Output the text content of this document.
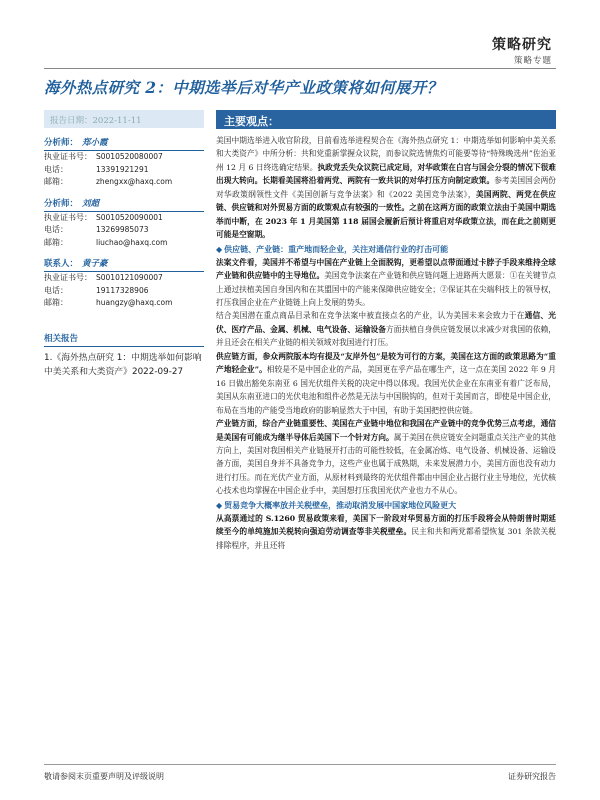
策略研究
策略专题
海外热点研究 2：中期选举后对华产业政策将如何展开？
报告日期：2022-11-11
分析师： 郑小霞
执业证书号： S0010520080007
电话：	13391921291
邮箱：	zhengxx@haxq.com
分析师： 刘超
执业证书号： S0010520090001
电话：	13269985073
邮箱：	liuchao@haxq.com
联系人： 黄子豪
执业证书号： S0010121090007
电话：	19117328906
邮箱：	huangzy@haxq.com
相关报告
1.《海外热点研究 1：中期选举如何影响中美关系和大类资产》2022-09-27
主要观点：
美国中期选举进入收官阶段，目前看选举进程契合在《海外热点研究 1：中期选举如何影响中美关系和大类资产》中所分析：共和党重新掌握众议院，而参议院选情焦灼可能要等待“特殊晚选州”佐治亚州 12 月 6 日终选确定结果。执政党丢失众议院已成定局，对华政策在白宫与国会分裂的情况下很难出现大转向。长期看美国将沿着两党、两院有一致共识的对华打压方向制定政策。参考美国国会两份对华政策纲领性文件《美国创新与竞争法案》和《2022 美国竞争法案》，美国两院、两党在供应链、供应链和对外贸易方面的政策观点有较强的一致性。之前在这两方面的政策立法由于美国中期选举而中断，在 2023 年 1 月美国第 118 届国会履新后预计将重启对华政策立法，而在此之前则更可能是空窗期。
◆ 供应链、产业链：重产地而轻企业，关注对通信行业的打击可能
法案文件看，美国并不希望与中国在产业链上全面脱钩，更希望以点带面通过卡脖子手段来维持全球产业链和供应链中的主导地位。美国竞争法案在产业链和供应链问题上进路两大愿景：①在关键节点上通过扶植美国自身国内和在其盟国中的产能来保障供应链安全；②保证其在尖端科技上的领导权，打压我国企业在产业链链上向上发展的势头。
结合美国潜在重点商品目录和在竞争法案中被直接点名的产业，认为美国未来会致力于在通信、光伏、医疗产品、金属、机械、电气设备、运输设备方面扶植自身供应链发展以求减少对我国的依赖，并且还会在相关产业链的相关领域对我国进行打压。
供应链方面，参众两院版本均有提及“友岸外包”是较为可行的方案，美国在这方面的政策思路为“重产地轻企业”。相较是不是中国企业的产品，美国更在乎产品在哪生产，这一点在美国 2022 年 9 月 16 日做出豁免东南亚 6 国光伏组件关税的决定中得以体现。我国光伏企业在东南亚有着广泛布局，美国从东南亚进口的光伏电池和组件必然是无法与中国脱钩的，但对于美国而言，即使是中国企业，布局在当地的产能受当地政府的影响显然大于中国，有助于美国把控供应链。
产业链方面，综合产业链重要性、美国在产业链中地位和我国在产业链中的竞争优势三点考虑，通信是美国有可能成为继半导体后美国下一个针对方向。属于美国在供应链安全问题重点关注产业的其他方向上，美国对我国相关产业链展开打击的可能性较低，在金属冶炼、电气设备、机械设备、运输设备方面，美国自身并不具备竞争力，这些产业也属于成熟期，未来发展潜力小，美国方面也没有动力进行打压。而在光伏产业方面，从原材料到最终的光伏组件都由中国企业占据行业主导地位，光伏核心技术也均掌握在中国企业手中，美国想打压我国光伏产业也力不从心。
◆ 贸易竞争大概率放并关税壁垒，推动取消发展中国家地位风险更大
从高票通过的 S.1260 贸易政策来看，美国下一阶段对华贸易方面的打压手段将会从特朗普时期延续至今的单纯施加关税转向强迫劳动调查等非关税壁垒。民主和共和两党都希望恢复 301 条款关税排除程序，并且还将
敬请参阅末页重要声明及评级说明	证券研究报告
